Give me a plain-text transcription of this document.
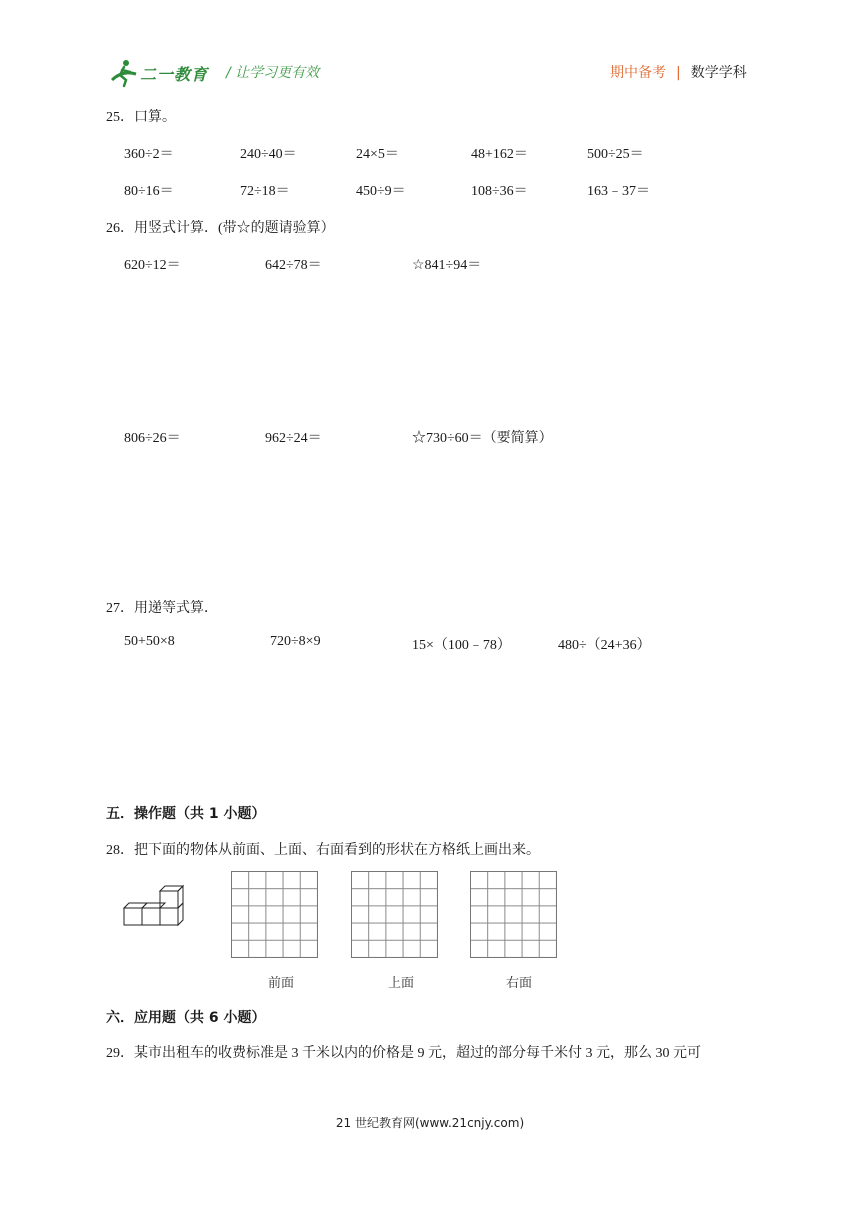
二一教育 / 让学习更有效	期中备考 | 数学学科
25．口算。
360÷2＝	240÷40＝	24×5＝	48+162＝	500÷25＝
80÷16＝	72÷18＝	450÷9＝	108÷36＝	163﹣37＝
26．用竖式计算．(带☆的题请验算）
620÷12＝	642÷78＝	☆841÷94＝
806÷26＝	962÷24＝	☆730÷60＝（要简算）
27．用递等式算．
50+50×8	720÷8×9	15×（100﹣78）	480÷（24+36）
五．操作题（共 1 小题）
28．把下面的物体从前面、上面、右面看到的形状在方格纸上画出来。
前面	上面	右面
六．应用题（共 6 小题）
29．某市出租车的收费标准是 3 千米以内的价格是 9 元，超过的部分每千米付 3 元，那么 30 元可
21 世纪教育网(www.21cnjy.com)
